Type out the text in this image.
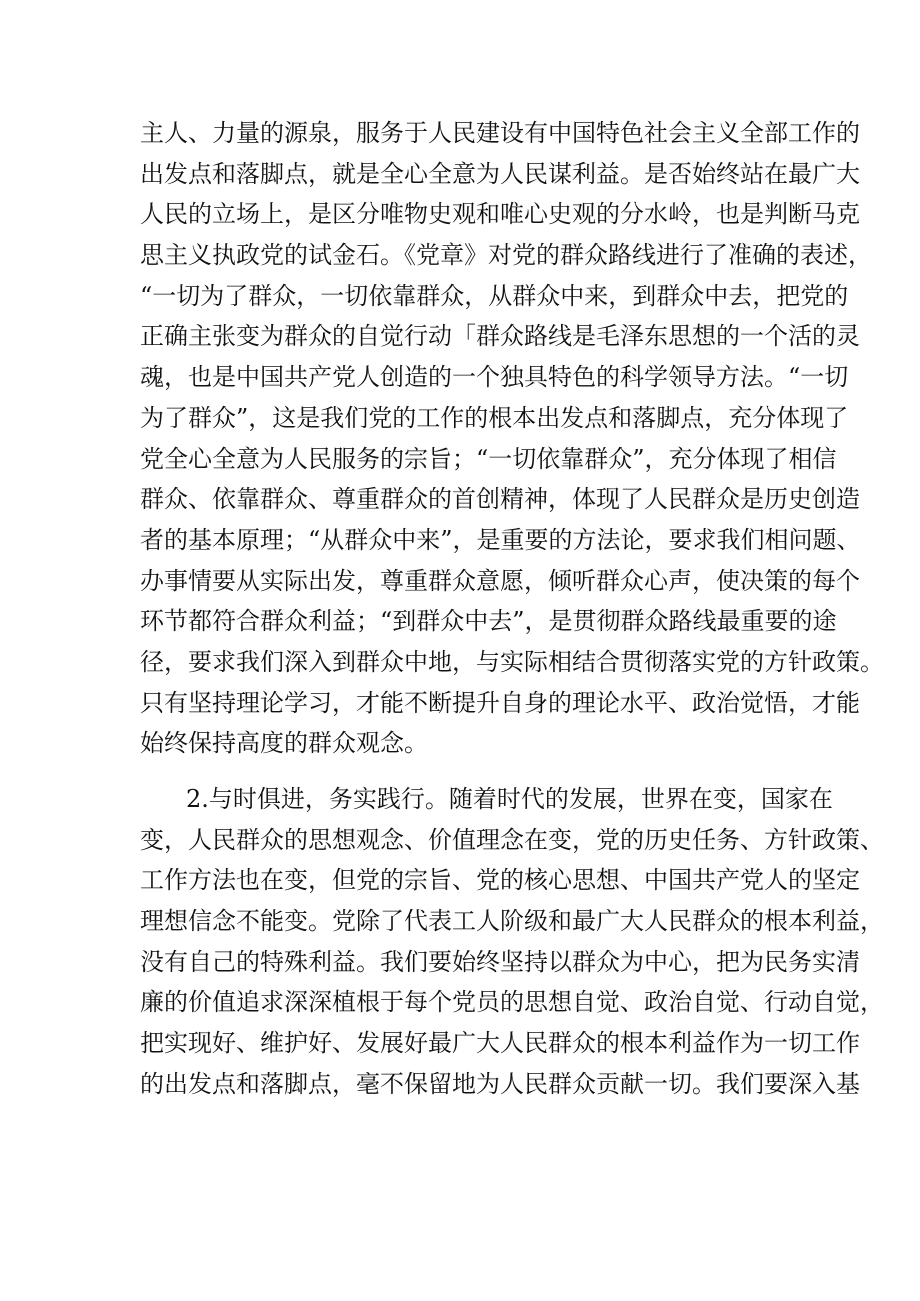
主人、力量的源泉，服务于人民建设有中国特色社会主义全部工作的
出发点和落脚点，就是全心全意为人民谋利益。是否始终站在最广大
人民的立场上，是区分唯物史观和唯心史观的分水岭，也是判断马克
思主义执政党的试金石。《党章》对党的群众路线进行了准确的表述，
“一切为了群众，一切依靠群众，从群众中来，到群众中去，把党的
正确主张变为群众的自觉行动「群众路线是毛泽东思想的一个活的灵
魂，也是中国共产党人创造的一个独具特色的科学领导方法。“一切
为了群众”，这是我们党的工作的根本出发点和落脚点，充分体现了
党全心全意为人民服务的宗旨；“一切依靠群众”，充分体现了相信
群众、依靠群众、尊重群众的首创精神，体现了人民群众是历史创造
者的基本原理；“从群众中来”，是重要的方法论，要求我们相问题、
办事情要从实际出发，尊重群众意愿，倾听群众心声，使决策的每个
环节都符合群众利益；“到群众中去”，是贯彻群众路线最重要的途
径，要求我们深入到群众中地，与实际相结合贯彻落实党的方针政策。
只有坚持理论学习，才能不断提升自身的理论水平、政治觉悟，才能
始终保持高度的群众观念。
2.与时俱进，务实践行。随着时代的发展，世界在变，国家在
变，人民群众的思想观念、价值理念在变，党的历史任务、方针政策、
工作方法也在变，但党的宗旨、党的核心思想、中国共产党人的坚定
理想信念不能变。党除了代表工人阶级和最广大人民群众的根本利益，
没有自己的特殊利益。我们要始终坚持以群众为中心，把为民务实清
廉的价值追求深深植根于每个党员的思想自觉、政治自觉、行动自觉，
把实现好、维护好、发展好最广大人民群众的根本利益作为一切工作
的出发点和落脚点，毫不保留地为人民群众贡献一切。我们要深入基
